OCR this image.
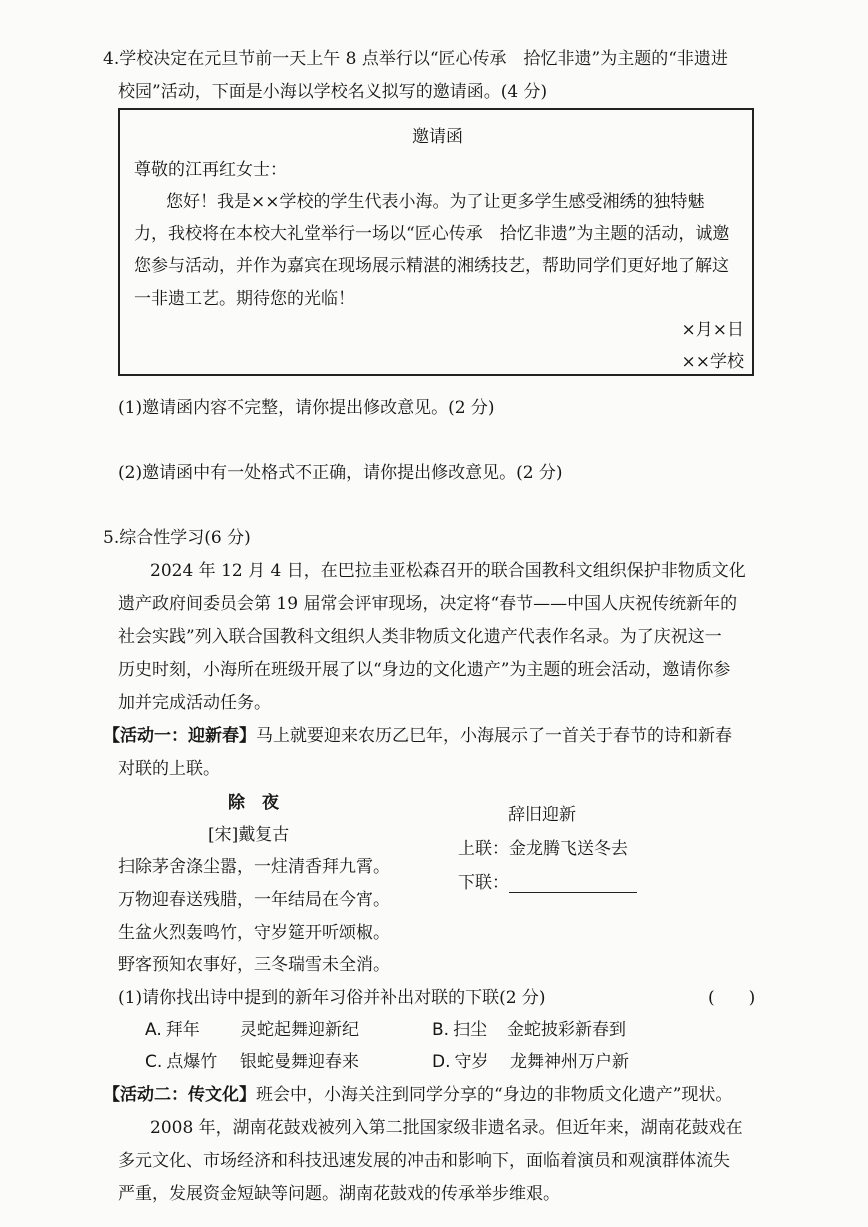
4.学校决定在元旦节前一天上午 8 点举行以“匠心传承　拾忆非遗”为主题的“非遗进
校园”活动，下面是小海以学校名义拟写的邀请函。(4 分)
邀请函
尊敬的江再红女士：
您好！我是××学校的学生代表小海。为了让更多学生感受湘绣的独特魅
力，我校将在本校大礼堂举行一场以“匠心传承　拾忆非遗”为主题的活动，诚邀
您参与活动，并作为嘉宾在现场展示精湛的湘绣技艺，帮助同学们更好地了解这
一非遗工艺。期待您的光临！
×月×日
××学校
(1)邀请函内容不完整，请你提出修改意见。(2 分)
(2)邀请函中有一处格式不正确，请你提出修改意见。(2 分)
5.综合性学习(6 分)
2024 年 12 月 4 日，在巴拉圭亚松森召开的联合国教科文组织保护非物质文化
遗产政府间委员会第 19 届常会评审现场，决定将“春节——中国人庆祝传统新年的
社会实践”列入联合国教科文组织人类非物质文化遗产代表作名录。为了庆祝这一
历史时刻，小海所在班级开展了以“身边的文化遗产”为主题的班会活动，邀请你参
加并完成活动任务。
【活动一：迎新春】马上就要迎来农历乙巳年，小海展示了一首关于春节的诗和新春
对联的上联。
除　夜
[宋]戴复古
扫除茅舍涤尘嚣，一炷清香拜九霄。
万物迎春送残腊，一年结局在今宵。
生盆火烈轰鸣竹，守岁筵开听颂椒。
野客预知农事好，三冬瑞雪未全消。
辞旧迎新
上联：金龙腾飞送冬去
下联：
(1)请你找出诗中提到的新年习俗并补出对联的下联(2 分)	(　　)
A. 拜年 灵蛇起舞迎新纪	B. 扫尘 金蛇披彩新春到
C. 点爆竹 银蛇曼舞迎春来	D. 守岁 龙舞神州万户新
【活动二：传文化】班会中，小海关注到同学分享的“身边的非物质文化遗产”现状。
2008 年，湖南花鼓戏被列入第二批国家级非遗名录。但近年来，湖南花鼓戏在
多元文化、市场经济和科技迅速发展的冲击和影响下，面临着演员和观演群体流失
严重，发展资金短缺等问题。湖南花鼓戏的传承举步维艰。
